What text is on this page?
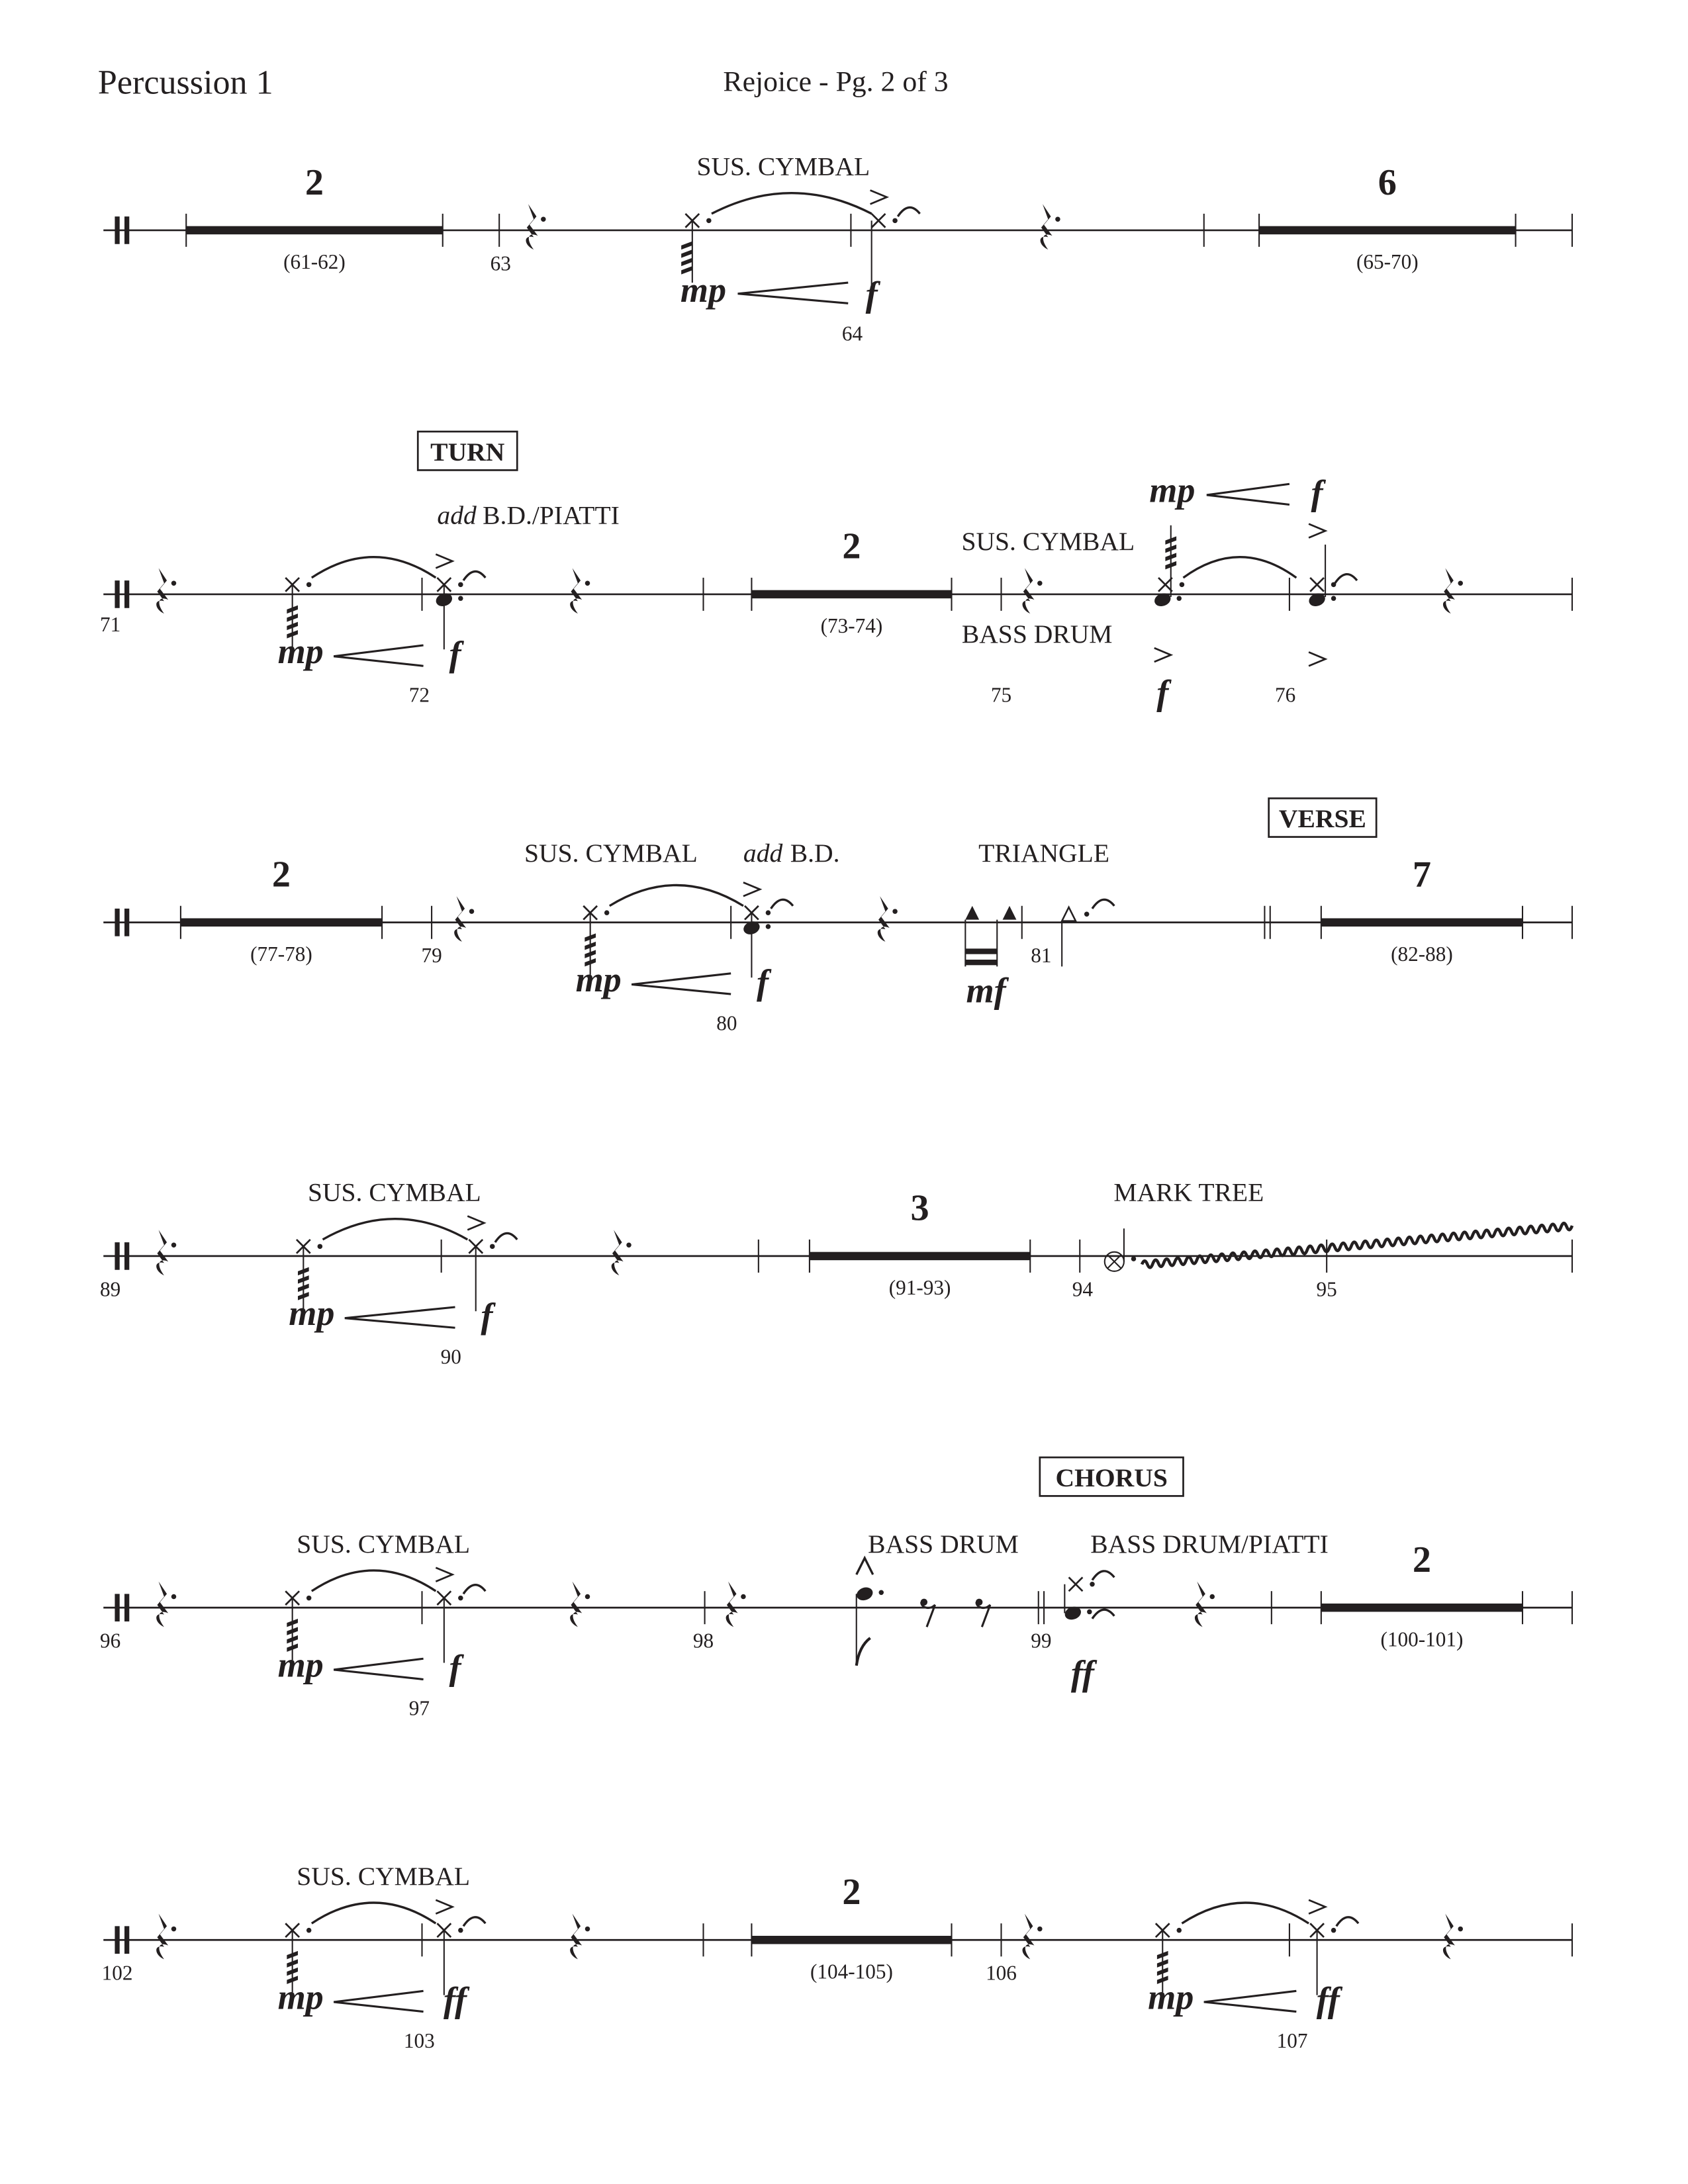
Percussion 1	Rejoice - Pg. 2 of 3
2
(61-62)	63
SUS. CYMBAL
mp	f
64
6
(65-70)
71
mp	f
72
TURN
add B.D./PIATTI
2
(73-74)
SUS. CYMBAL
BASS DRUM
75
mp	f
f	76
2
(77-78)	79
SUS. CYMBAL	add B.D.
mp	f
80
TRIANGLE
mf
81
VERSE
7
(82-88)
89
SUS. CYMBAL
mp	f
90
3
(91-93)	94
MARK TREE
95
96
SUS. CYMBAL
mp	f
97
98
BASS DRUM
99
CHORUS
BASS DRUM/PIATTI
ff
2
(100-101)
102
SUS. CYMBAL
mp	ff
103
2
(104-105)	106
mp	ff
107
